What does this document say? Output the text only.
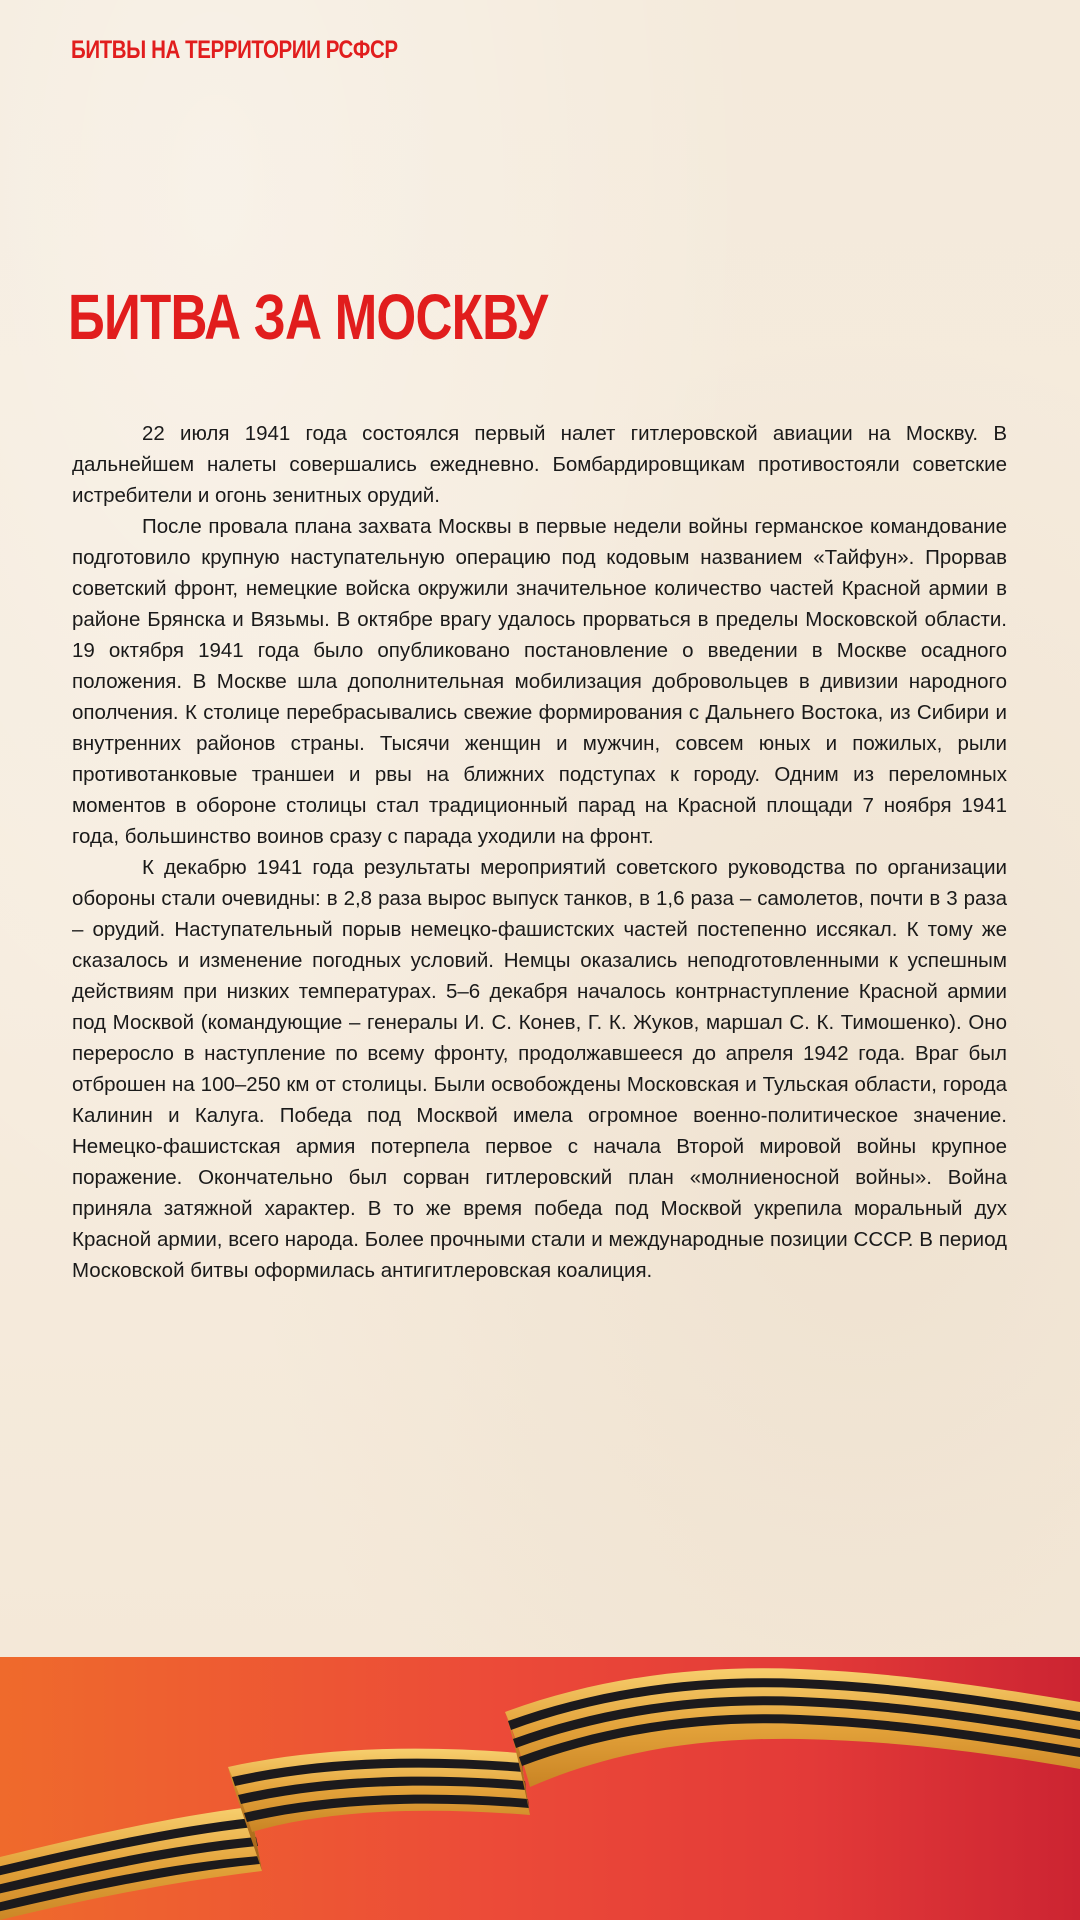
БИТВЫ НА ТЕРРИТОРИИ РСФСР
БИТВА ЗА МОСКВУ

22 июля 1941 года состоялся первый налет гитлеровской авиации на Москву. В дальнейшем налеты совершались ежедневно. Бомбардировщикам противостояли советские истребители и огонь зенитных орудий.

После провала плана захвата Москвы в первые недели войны германское командование подготовило крупную наступательную операцию под кодовым названием «Тайфун». Прорвав советский фронт, немецкие войска окружили значительное количество частей Красной армии в районе Брянска и Вязьмы. В октябре врагу удалось прорваться в пределы Московской области. 19 октября 1941 года было опубликовано постановление о введении в Москве осадного положения. В Москве шла дополнительная мобилизация добровольцев в дивизии народного ополчения. К столице перебрасывались свежие формирования с Дальнего Востока, из Сибири и внутренних районов страны. Тысячи женщин и мужчин, совсем юных и пожилых, рыли противотанковые траншеи и рвы на ближних подступах к городу. Одним из переломных моментов в обороне столицы стал традиционный парад на Красной площади 7 ноября 1941 года, большинство воинов сразу с парада уходили на фронт.

К декабрю 1941 года результаты мероприятий советского руководства по организации обороны стали очевидны: в 2,8 раза вырос выпуск танков, в 1,6 раза – самолетов, почти в 3 раза – орудий. Наступательный порыв немецко-фашистских частей постепенно иссякал. К тому же сказалось и изменение погодных условий. Немцы оказались неподготовленными к успешным действиям при низких температурах. 5–6 декабря началось контрнаступление Красной армии под Москвой (командующие – генералы И. С. Конев, Г. К. Жуков, маршал С. К. Тимошенко). Оно переросло в наступление по всему фронту, продолжавшееся до апреля 1942 года. Враг был отброшен на 100–250 км от столицы. Были освобождены Московская и Тульская области, города Калинин и Калуга. Победа под Москвой имела огромное военно-политическое значение. Немецко-фашистская армия потерпела первое с начала Второй мировой войны крупное поражение. Окончательно был сорван гитлеровский план «молниеносной войны». Война приняла затяжной характер. В то же время победа под Москвой укрепила моральный дух Красной армии, всего народа. Более прочными стали и международные позиции СССР. В период Московской битвы оформилась антигитлеровская коалиция.
